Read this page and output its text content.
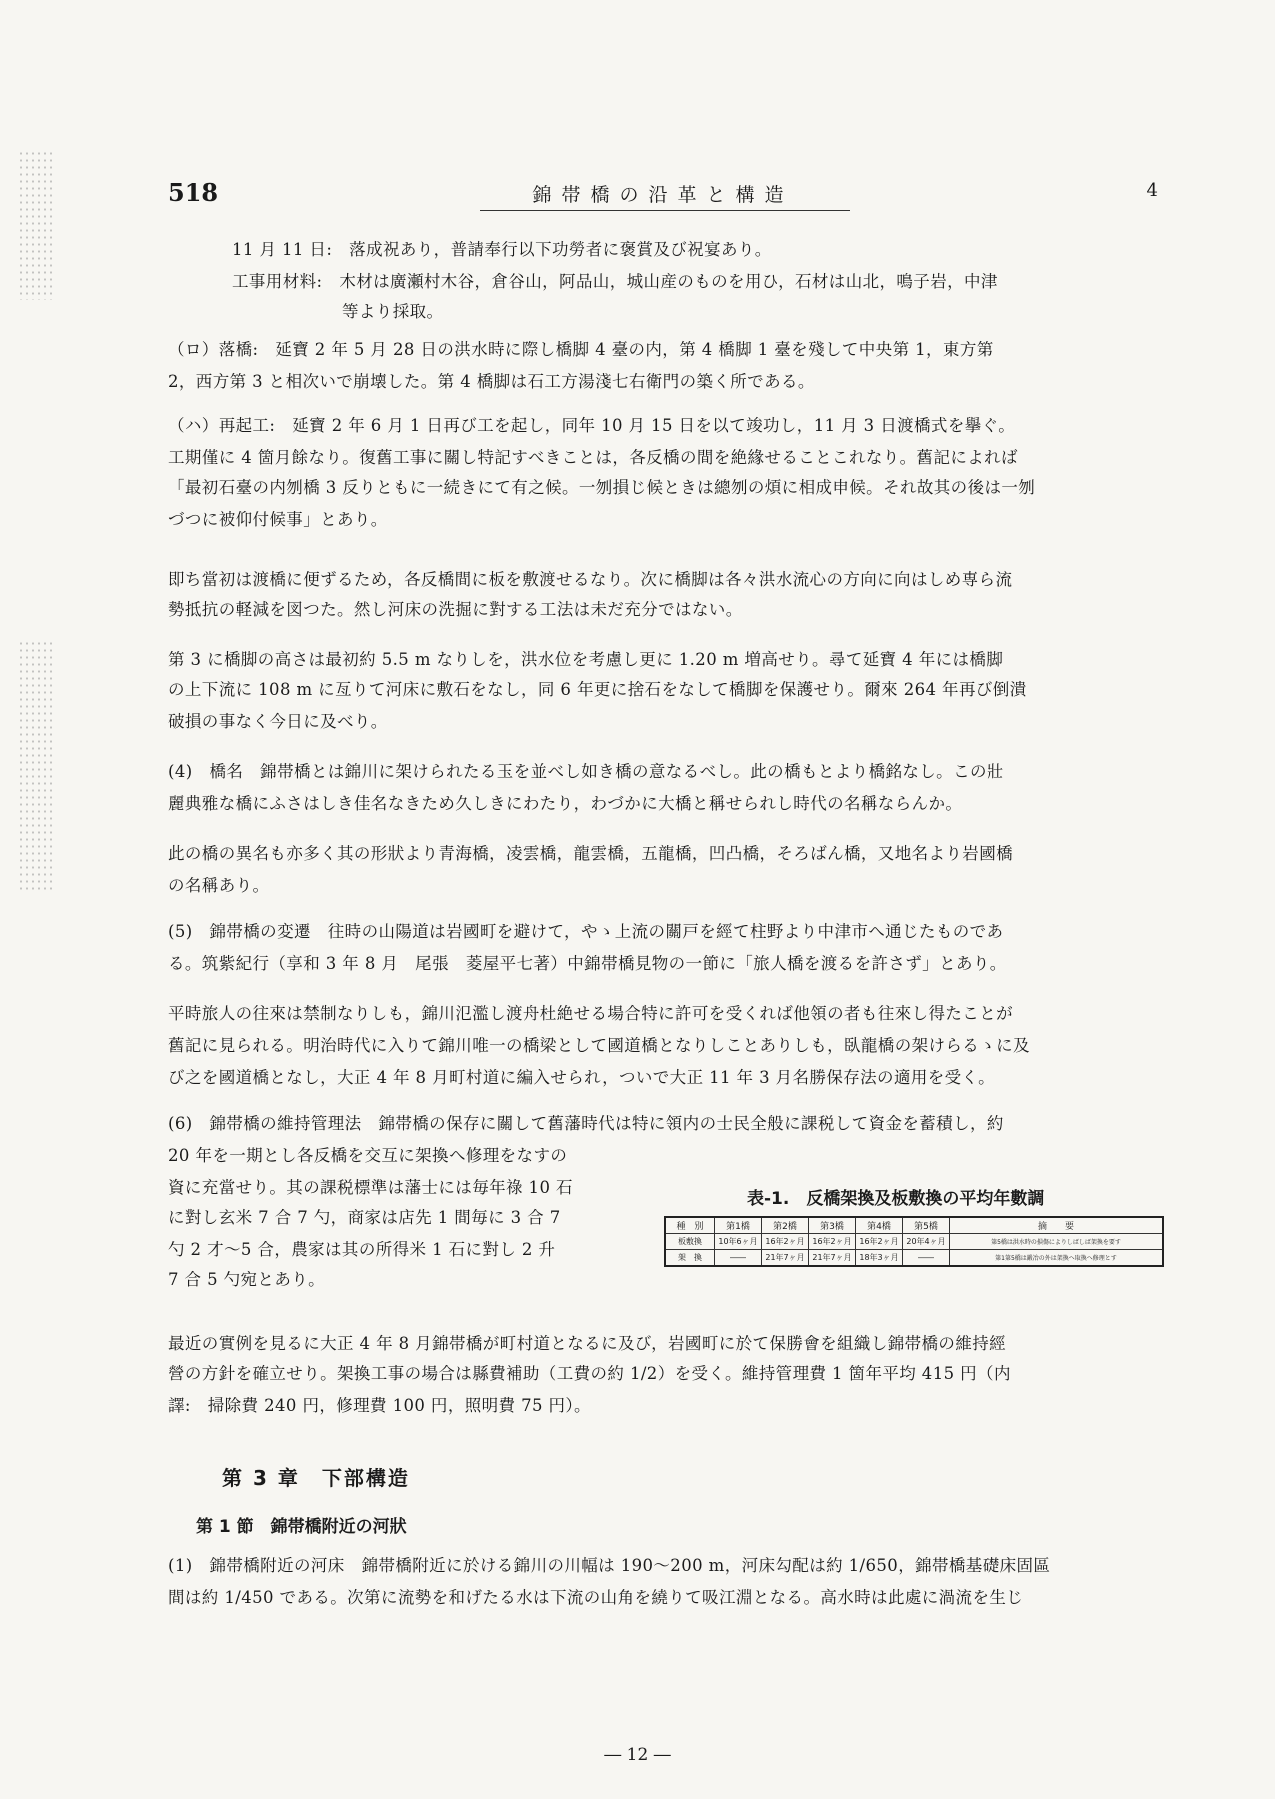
518	錦帯橋の沿革と構造	4
11 月 11 日:　落成祝あり，普請奉行以下功勞者に褒賞及び祝宴あり。
工事用材料:　木材は廣瀬村木谷，倉谷山，阿品山，城山産のものを用ひ，石材は山北，鳴子岩，中津
等より採取。
（ロ）落橋:　延寶 2 年 5 月 28 日の洪水時に際し橋脚 4 臺の内，第 4 橋脚 1 臺を殘して中央第 1，東方第
2，西方第 3 と相次いで崩壊した。第 4 橋脚は石工方湯淺七右衛門の築く所である。
（ハ）再起工:　延寶 2 年 6 月 1 日再び工を起し，同年 10 月 15 日を以て竣功し，11 月 3 日渡橋式を擧ぐ。
工期僅に 4 箇月餘なり。復舊工事に關し特記すべきことは，各反橋の間を絶緣せることこれなり。舊記によれば
「最初石臺の内刎橋 3 反りともに一続きにて有之候。一刎損じ候ときは總刎の煩に相成申候。それ故其の後は一刎
づつに被仰付候事」とあり。
即ち當初は渡橋に便ずるため，各反橋間に板を敷渡せるなり。次に橋脚は各々洪水流心の方向に向はしめ専ら流
勢抵抗の軽減を図つた。然し河床の洗掘に對する工法は未だ充分ではない。
第 3 に橋脚の高さは最初約 5.5 m なりしを，洪水位を考慮し更に 1.20 m 増高せり。尋て延寶 4 年には橋脚
の上下流に 108 m に亙りて河床に敷石をなし，同 6 年更に捨石をなして橋脚を保護せり。爾來 264 年再び倒潰
破損の事なく今日に及べり。
(4)　橋名　錦帯橋とは錦川に架けられたる玉を並べし如き橋の意なるべし。此の橋もとより橋銘なし。この壯
麗典雅な橋にふさはしき佳名なきため久しきにわたり，わづかに大橋と稱せられし時代の名稱ならんか。
此の橋の異名も亦多く其の形狀より青海橋，凌雲橋，龍雲橋，五龍橋，凹凸橋，そろばん橋，又地名より岩國橋
の名稱あり。
(5)　錦帯橋の変遷　往時の山陽道は岩國町を避けて，やゝ上流の關戸を經て柱野より中津市へ通じたものであ
る。筑紫紀行（享和 3 年 8 月　尾張　菱屋平七著）中錦帯橋見物の一節に「旅人橋を渡るを許さず」とあり。
平時旅人の往來は禁制なりしも，錦川氾濫し渡舟杜絶せる場合特に許可を受くれば他領の者も往來し得たことが
舊記に見られる。明治時代に入りて錦川唯一の橋梁として國道橋となりしことありしも，臥龍橋の架けらるゝに及
び之を國道橋となし，大正 4 年 8 月町村道に編入せられ，ついで大正 11 年 3 月名勝保存法の適用を受く。
(6)　錦帯橋の維持管理法　錦帯橋の保存に關して舊藩時代は特に領内の士民全般に課税して資金を蓄積し，約
20 年を一期とし各反橋を交互に架換へ修理をなすの
資に充當せり。其の課税標準は藩士には毎年祿 10 石
に對し玄米 7 合 7 勺，商家は店先 1 間毎に 3 合 7
勺 2 才～5 合，農家は其の所得米 1 石に對し 2 升
7 合 5 勺宛とあり。
表-1.　反橋架換及板敷換の平均年數調
種　別	第1橋	第2橋	第3橋	第4橋	第5橋	摘　　要
板敷換	10年6ヶ月	16年2ヶ月	16年2ヶ月	16年2ヶ月	20年4ヶ月	第5橋は洪水時の損傷によりしばしば架換を要す
架　換	――	21年7ヶ月	21年7ヶ月	18年3ヶ月	――	第1第5橋は鍛冶の外は架換ヘ取換へ修理とす
最近の實例を見るに大正 4 年 8 月錦帯橋が町村道となるに及び，岩國町に於て保勝會を組織し錦帯橋の維持經
營の方針を確立せり。架換工事の場合は縣費補助（工費の約 1/2）を受く。維持管理費 1 箇年平均 415 円（内
譯:　掃除費 240 円，修理費 100 円，照明費 75 円）。
第 3 章　下部構造
第 1 節　錦帯橋附近の河狀
(1)　錦帯橋附近の河床　錦帯橋附近に於ける錦川の川幅は 190～200 m，河床勾配は約 1/650，錦帯橋基礎床固區
間は約 1/450 である。次第に流勢を和げたる水は下流の山角を繞りて吸江淵となる。高水時は此處に渦流を生じ
― 12 ―
